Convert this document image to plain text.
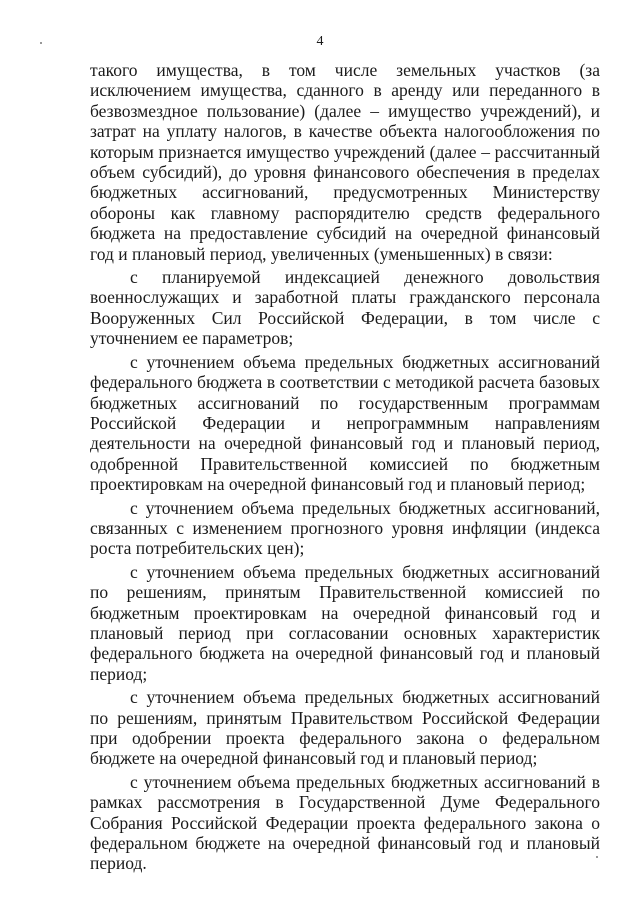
4

такого имущества, в том числе земельных участков (за исключением имущества, сданного в аренду или переданного в безвозмездное пользование) (далее – имущество учреждений), и затрат на уплату налогов, в качестве объекта налогообложения по которым признается имущество учреждений (далее – рассчитанный объем субсидий), до уровня финансового обеспечения в пределах бюджетных ассигнований, предусмотренных Министерству обороны как главному распорядителю средств федерального бюджета на предоставление субсидий на очередной финансовый год и плановый период, увеличенных (уменьшенных) в связи:

с планируемой индексацией денежного довольствия военнослужащих и заработной платы гражданского персонала Вооруженных Сил Российской Федерации, в том числе с уточнением ее параметров;

с уточнением объема предельных бюджетных ассигнований федерального бюджета в соответствии с методикой расчета базовых бюджетных ассигнований по государственным программам Российской Федерации и непрограммным направлениям деятельности на очередной финансовый год и плановый период, одобренной Правительственной комиссией по бюджетным проектировкам на очередной финансовый год и плановый период;

с уточнением объема предельных бюджетных ассигнований, связанных с изменением прогнозного уровня инфляции (индекса роста потребительских цен);

с уточнением объема предельных бюджетных ассигнований по решениям, принятым Правительственной комиссией по бюджетным проектировкам на очередной финансовый год и плановый период при согласовании основных характеристик федерального бюджета на очередной финансовый год и плановый период;

с уточнением объема предельных бюджетных ассигнований по решениям, принятым Правительством Российской Федерации при одобрении проекта федерального закона о федеральном бюджете на очередной финансовый год и плановый период;

с уточнением объема предельных бюджетных ассигнований в рамках рассмотрения в Государственной Думе Федерального Собрания Российской Федерации проекта федерального закона о федеральном бюджете на очередной финансовый год и плановый период.
